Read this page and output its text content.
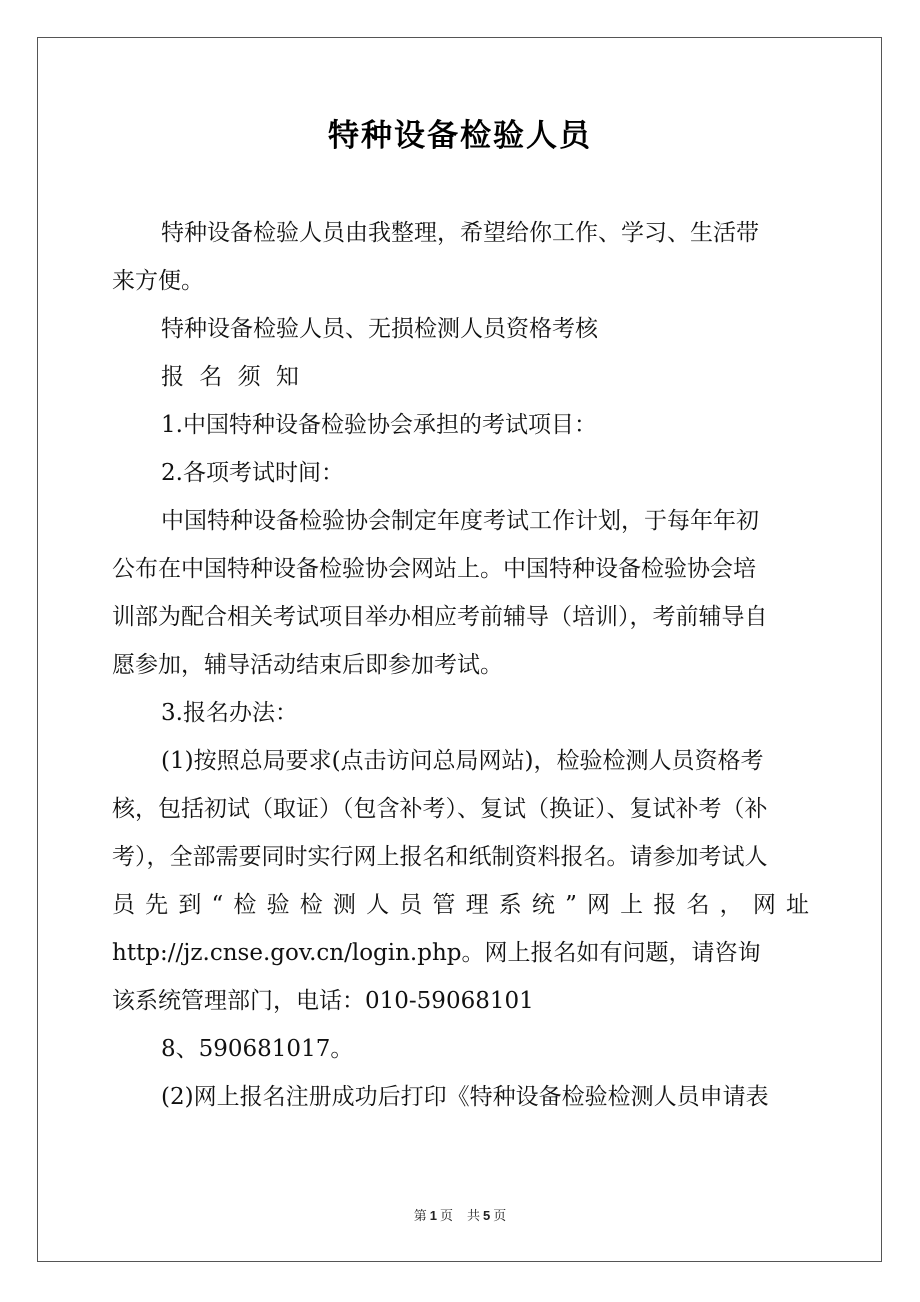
特种设备检验人员
特种设备检验人员由我整理，希望给你工作、学习、生活带
来方便。
特种设备检验人员、无损检测人员资格考核
报 名 须 知
1.中国特种设备检验协会承担的考试项目：
2.各项考试时间：
中国特种设备检验协会制定年度考试工作计划，于每年年初
公布在中国特种设备检验协会网站上。中国特种设备检验协会培
训部为配合相关考试项目举办相应考前辅导（培训），考前辅导自
愿参加，辅导活动结束后即参加考试。
3.报名办法：
(1)按照总局要求(点击访问总局网站)，检验检测人员资格考
核，包括初试（取证）（包含补考）、复试（换证）、复试补考（补
考），全部需要同时实行网上报名和纸制资料报名。请参加考试人
员先到“检验检测人员管理系统”网上报名，网址
http://jz.cnse.gov.cn/login.php。网上报名如有问题，请咨询
该系统管理部门，电话：010-59068101
8、590681017。
(2)网上报名注册成功后打印《特种设备检验检测人员申请表
第 1 页 共 5 页
